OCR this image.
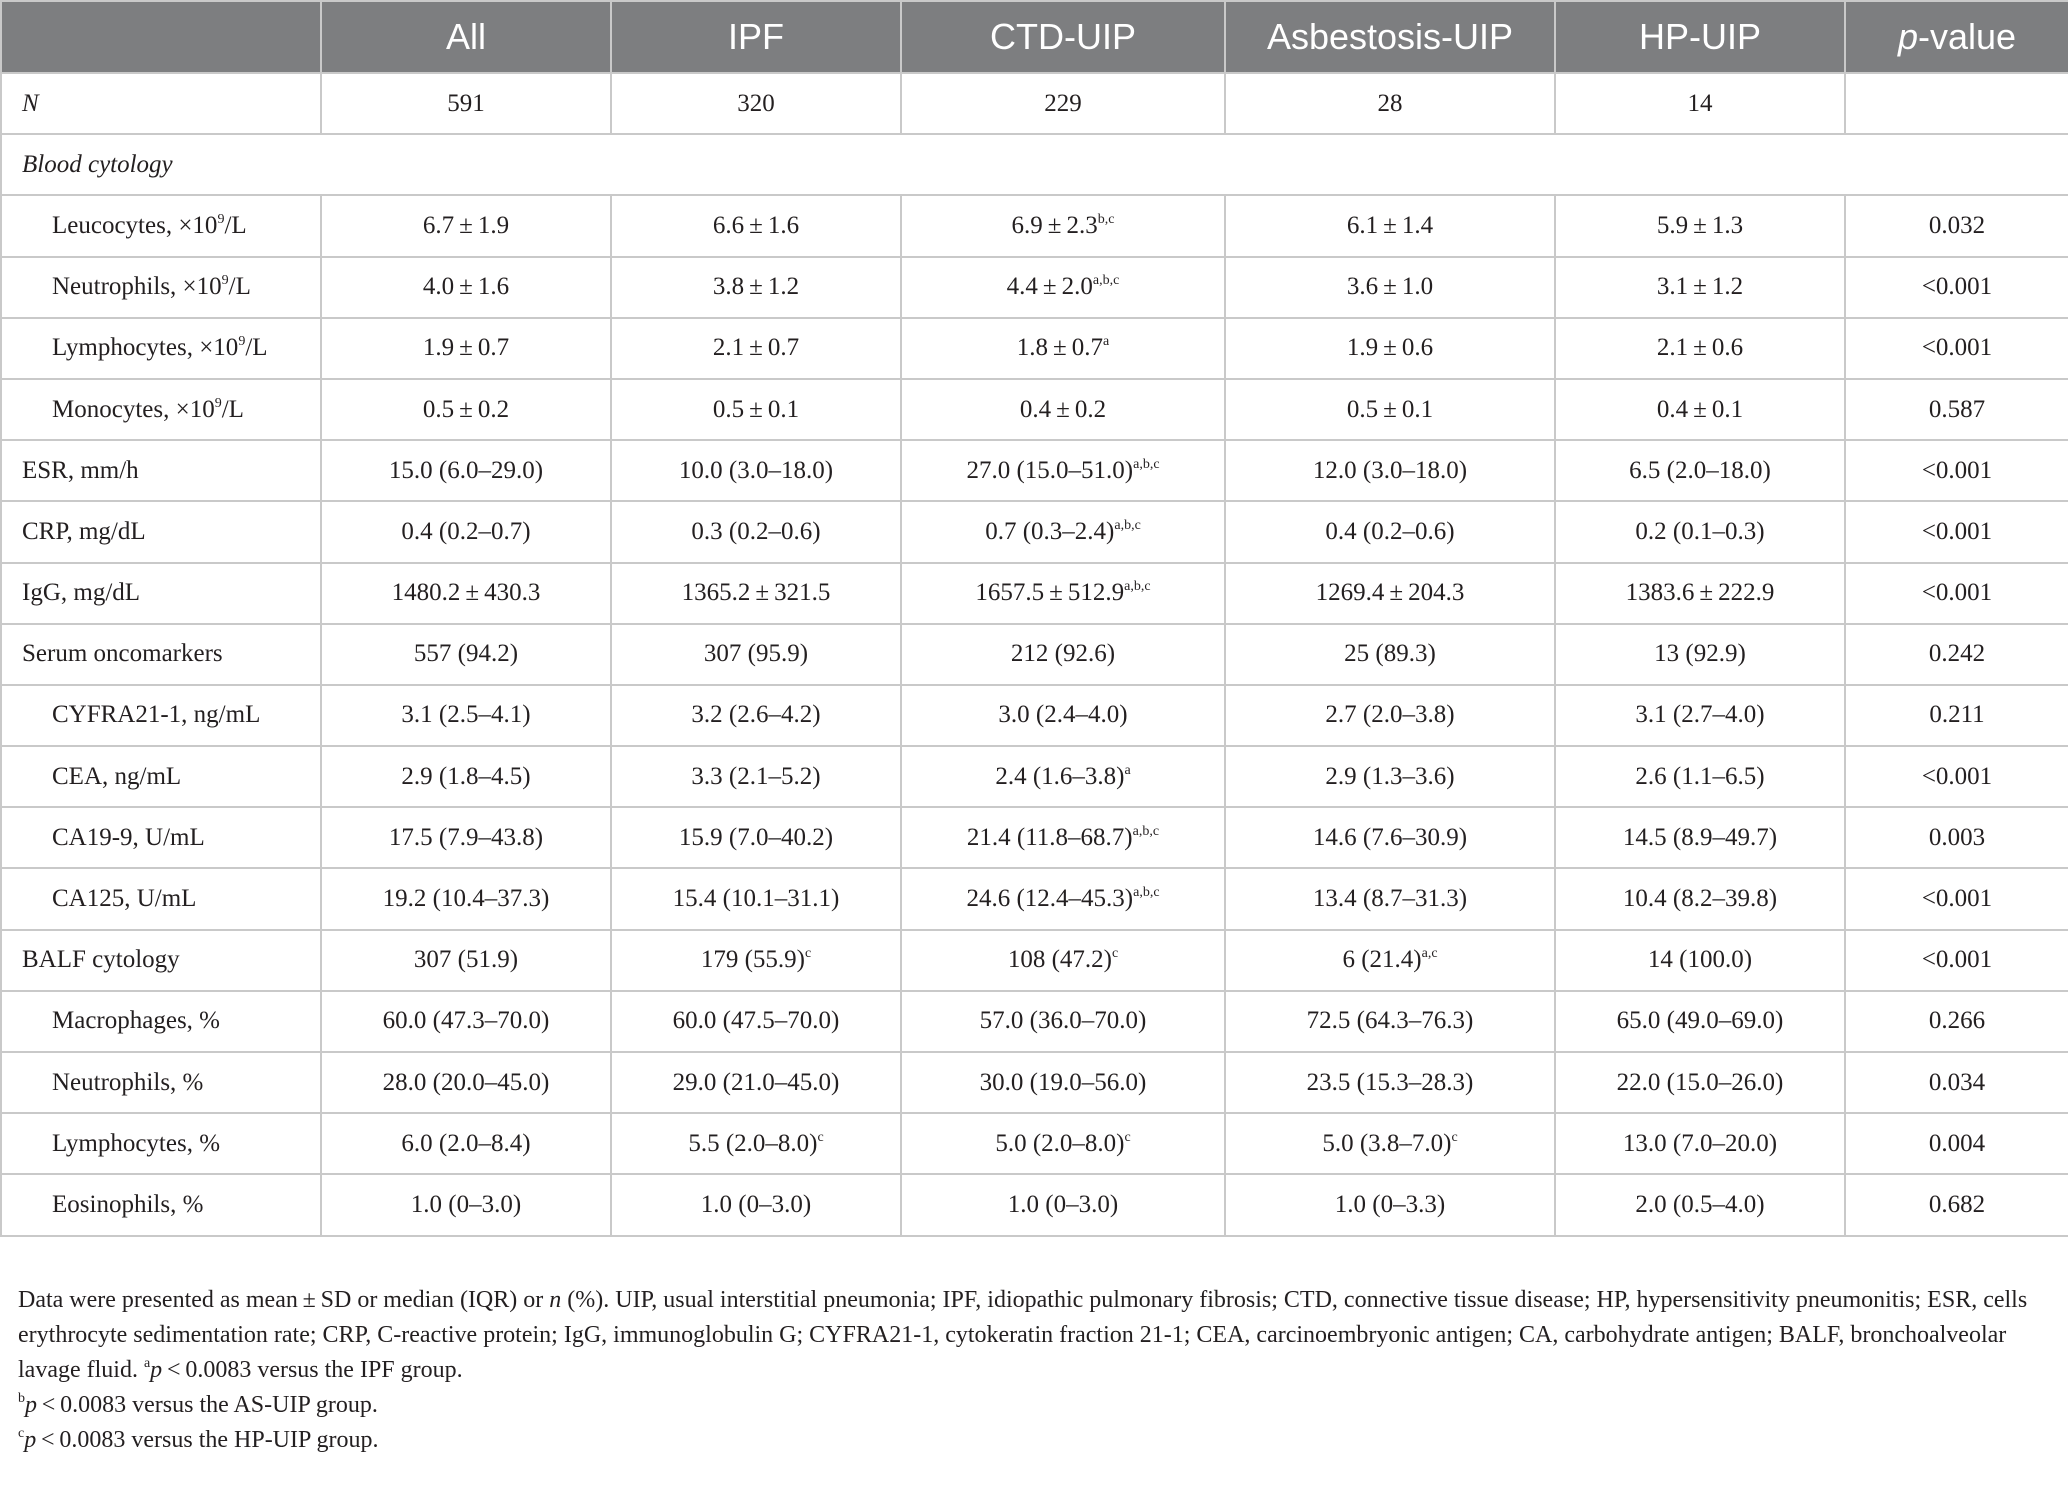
	All	IPF	CTD-UIP	Asbestosis-UIP	HP-UIP	p-value
N	591	320	229	28	14	
Blood cytology						
Leucocytes, $\times 10^9/L$	6.7 ± 1.9	6.6 ± 1.6	$6.9 \pm 2.3^{b,c}$	6.1 ± 1.4	5.9 ± 1.3	0.032
Neutrophils, $\times 10^9/L$	4.0 ± 1.6	3.8 ± 1.2	$4.4 \pm 2.0^{a,b,c}$	3.6 ± 1.0	3.1 ± 1.2	<0.001
Lymphocytes, $\times 10^9/L$	1.9 ± 0.7	2.1 ± 0.7	1.8 ± 0.7$^a$	1.9 ± 0.6	2.1 ± 0.6	<0.001
Monocytes, $\times 10^9/L$	0.5 ± 0.2	0.5 ± 0.1	0.4 ± 0.2	0.5 ± 0.1	0.4 ± 0.1	0.587
ESR, mm/h	15.0 (6.0–29.0)	10.0 (3.0–18.0)	27.0 $(15.0-51.0)^{a,b,c}$	12.0 (3.0–18.0)	6.5 (2.0–18.0)	<0.001
CRP, mg/dL	0.4 (0.2–0.7)	0.3 (0.2–0.6)	0.7 $(0.3-2.4)^{a,b,c}$	0.4 (0.2–0.6)	0.2 (0.1–0.3)	<0.001
IgG, mg/dL	1480.2 ± 430.3	1365.2 ± 321.5	$1657.5 \pm 512.9^{a,b,c}$	1269.4 ± 204.3	1383.6 ± 222.9	<0.001
Serum oncomarkers	557 (94.2)	307 (95.9)	212 (92.6)	25 (89.3)	13 (92.9)	0.242
CYFRA21-1, ng/mL	3.1 (2.5–4.1)	3.2 (2.6–4.2)	3.0 (2.4–4.0)	2.7 (2.0–3.8)	3.1 (2.7–4.0)	0.211
CEA, ng/mL	2.9 (1.8–4.5)	3.3 (2.1–5.2)	2.4 $(1.6-3.8)^a$	2.9 (1.3–3.6)	2.6 (1.1–6.5)	<0.001
CA19-9, U/mL	17.5 (7.9–43.8)	15.9 (7.0–40.2)	21.4 $(11.8-68.7)^{a,b,c}$	14.6 (7.6–30.9)	14.5 (8.9–49.7)	0.003
CA125, U/mL	19.2 (10.4–37.3)	15.4 (10.1–31.1)	24.6 $(12.4-45.3)^{a,b,c}$	13.4 (8.7–31.3)	10.4 (8.2–39.8)	<0.001
BALF cytology	307 (51.9)	179 $(55.9)^c$	108 $(47.2)^c$	6 $(21.4)^{a,c}$	14 (100.0)	<0.001
Macrophages, %	60.0 (47.3–70.0)	60.0 (47.5–70.0)	57.0 (36.0–70.0)	72.5 (64.3–76.3)	65.0 (49.0–69.0)	0.266
Neutrophils, %	28.0 (20.0–45.0)	29.0 (21.0–45.0)	30.0 (19.0–56.0)	23.5 (15.3–28.3)	22.0 (15.0–26.0)	0.034
Lymphocytes, %	6.0 (2.0–8.4)	5.5 $(2.0-8.0)^c$	5.0 $(2.0-8.0)^c$	5.0 $(3.8-7.0)^c$	13.0 (7.0–20.0)	0.004
Eosinophils, %	1.0 (0–3.0)	1.0 (0–3.0)	1.0 (0–3.0)	1.0 (0–3.3)	2.0 (0.5–4.0)	0.682

Data were presented as mean ± SD or median (IQR) or n (%). UIP, usual interstitial pneumonia; IPF, idiopathic pulmonary fibrosis; CTD, connective tissue disease; HP, hypersensitivity pneumonitis; ESR, cells erythrocyte sedimentation rate; CRP, C-reactive protein; IgG, immunoglobulin G; CYFRA21-1, cytokeratin fraction 21-1; CEA, carcinoembryonic antigen; CA, carbohydrate antigen; BALF, bronchoalveolar lavage fluid. $^a$p < 0.0083 versus the IPF group.

$^b$p < 0.0083 versus the AS-UIP group.

$^c$p < 0.0083 versus the HP-UIP group.
